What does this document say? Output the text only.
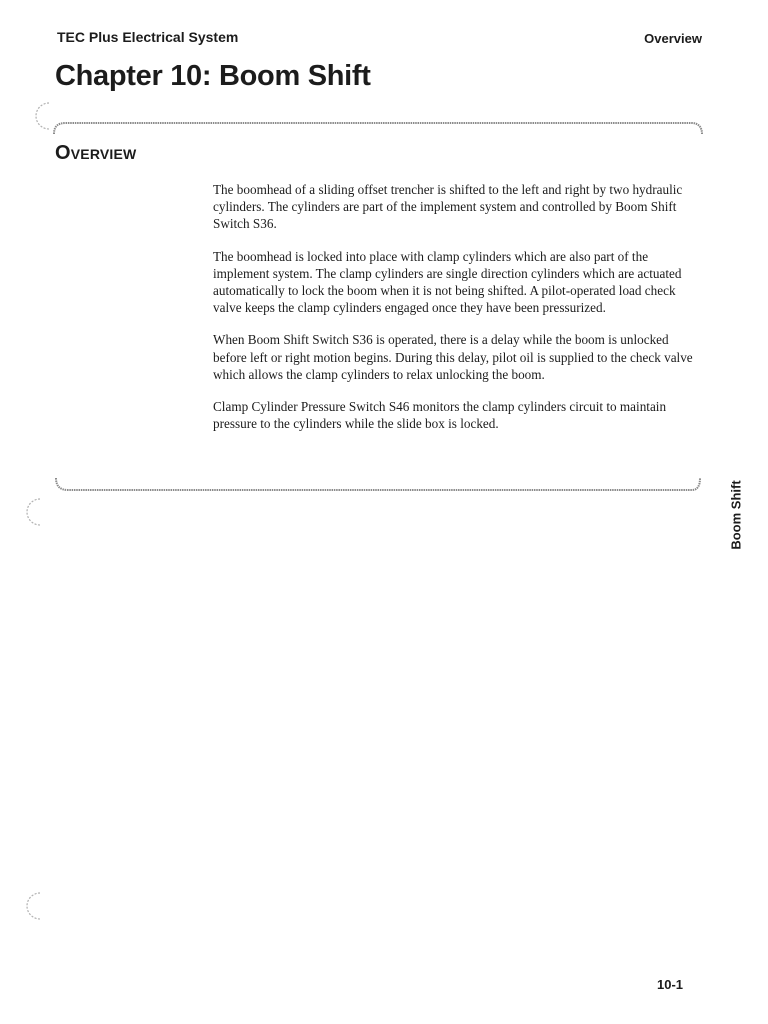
TEC Plus Electrical System	Overview
Chapter 10: Boom Shift
Overview

The boomhead of a sliding offset trencher is shifted to the left and right by two hydraulic cylinders. The cylinders are part of the implement system and controlled by Boom Shift Switch S36.

The boomhead is locked into place with clamp cylinders which are also part of the implement system. The clamp cylinders are single direction cylinders which are actuated automatically to lock the boom when it is not being shifted. A pilot-operated load check valve keeps the clamp cylinders engaged once they have been pressurized.

When Boom Shift Switch S36 is operated, there is a delay while the boom is unlocked before left or right motion begins. During this delay, pilot oil is supplied to the check valve which allows the clamp cylinders to relax unlocking the boom.

Clamp Cylinder Pressure Switch S46 monitors the clamp cylinders circuit to maintain pressure to the cylinders while the slide box is locked.

Boom Shift
10-1
